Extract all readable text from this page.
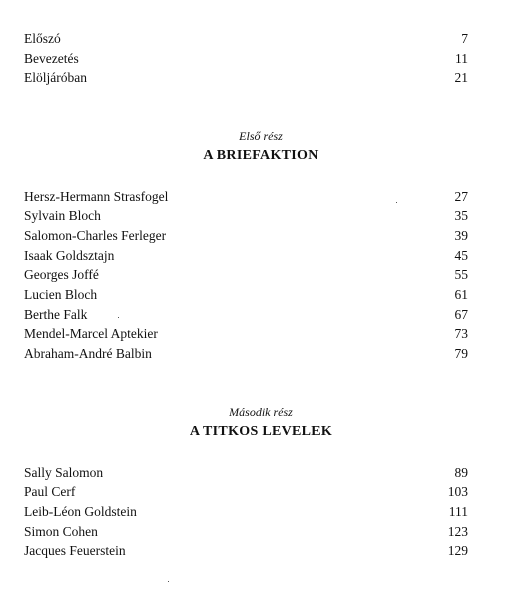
Előszó	7
Bevezetés	11
Elöljáróban	21
Első rész
A BRIEFAKTION
Hersz-Hermann Strasfogel	27
Sylvain Bloch	35
Salomon-Charles Ferleger	39
Isaak Goldsztajn	45
Georges Joffé	55
Lucien Bloch	61
Berthe Falk	67
Mendel-Marcel Aptekier	73
Abraham-André Balbin	79
Második rész
A TITKOS LEVELEK
Sally Salomon	89
Paul Cerf	103
Leib-Léon Goldstein	111
Simon Cohen	123
Jacques Feuerstein	129
